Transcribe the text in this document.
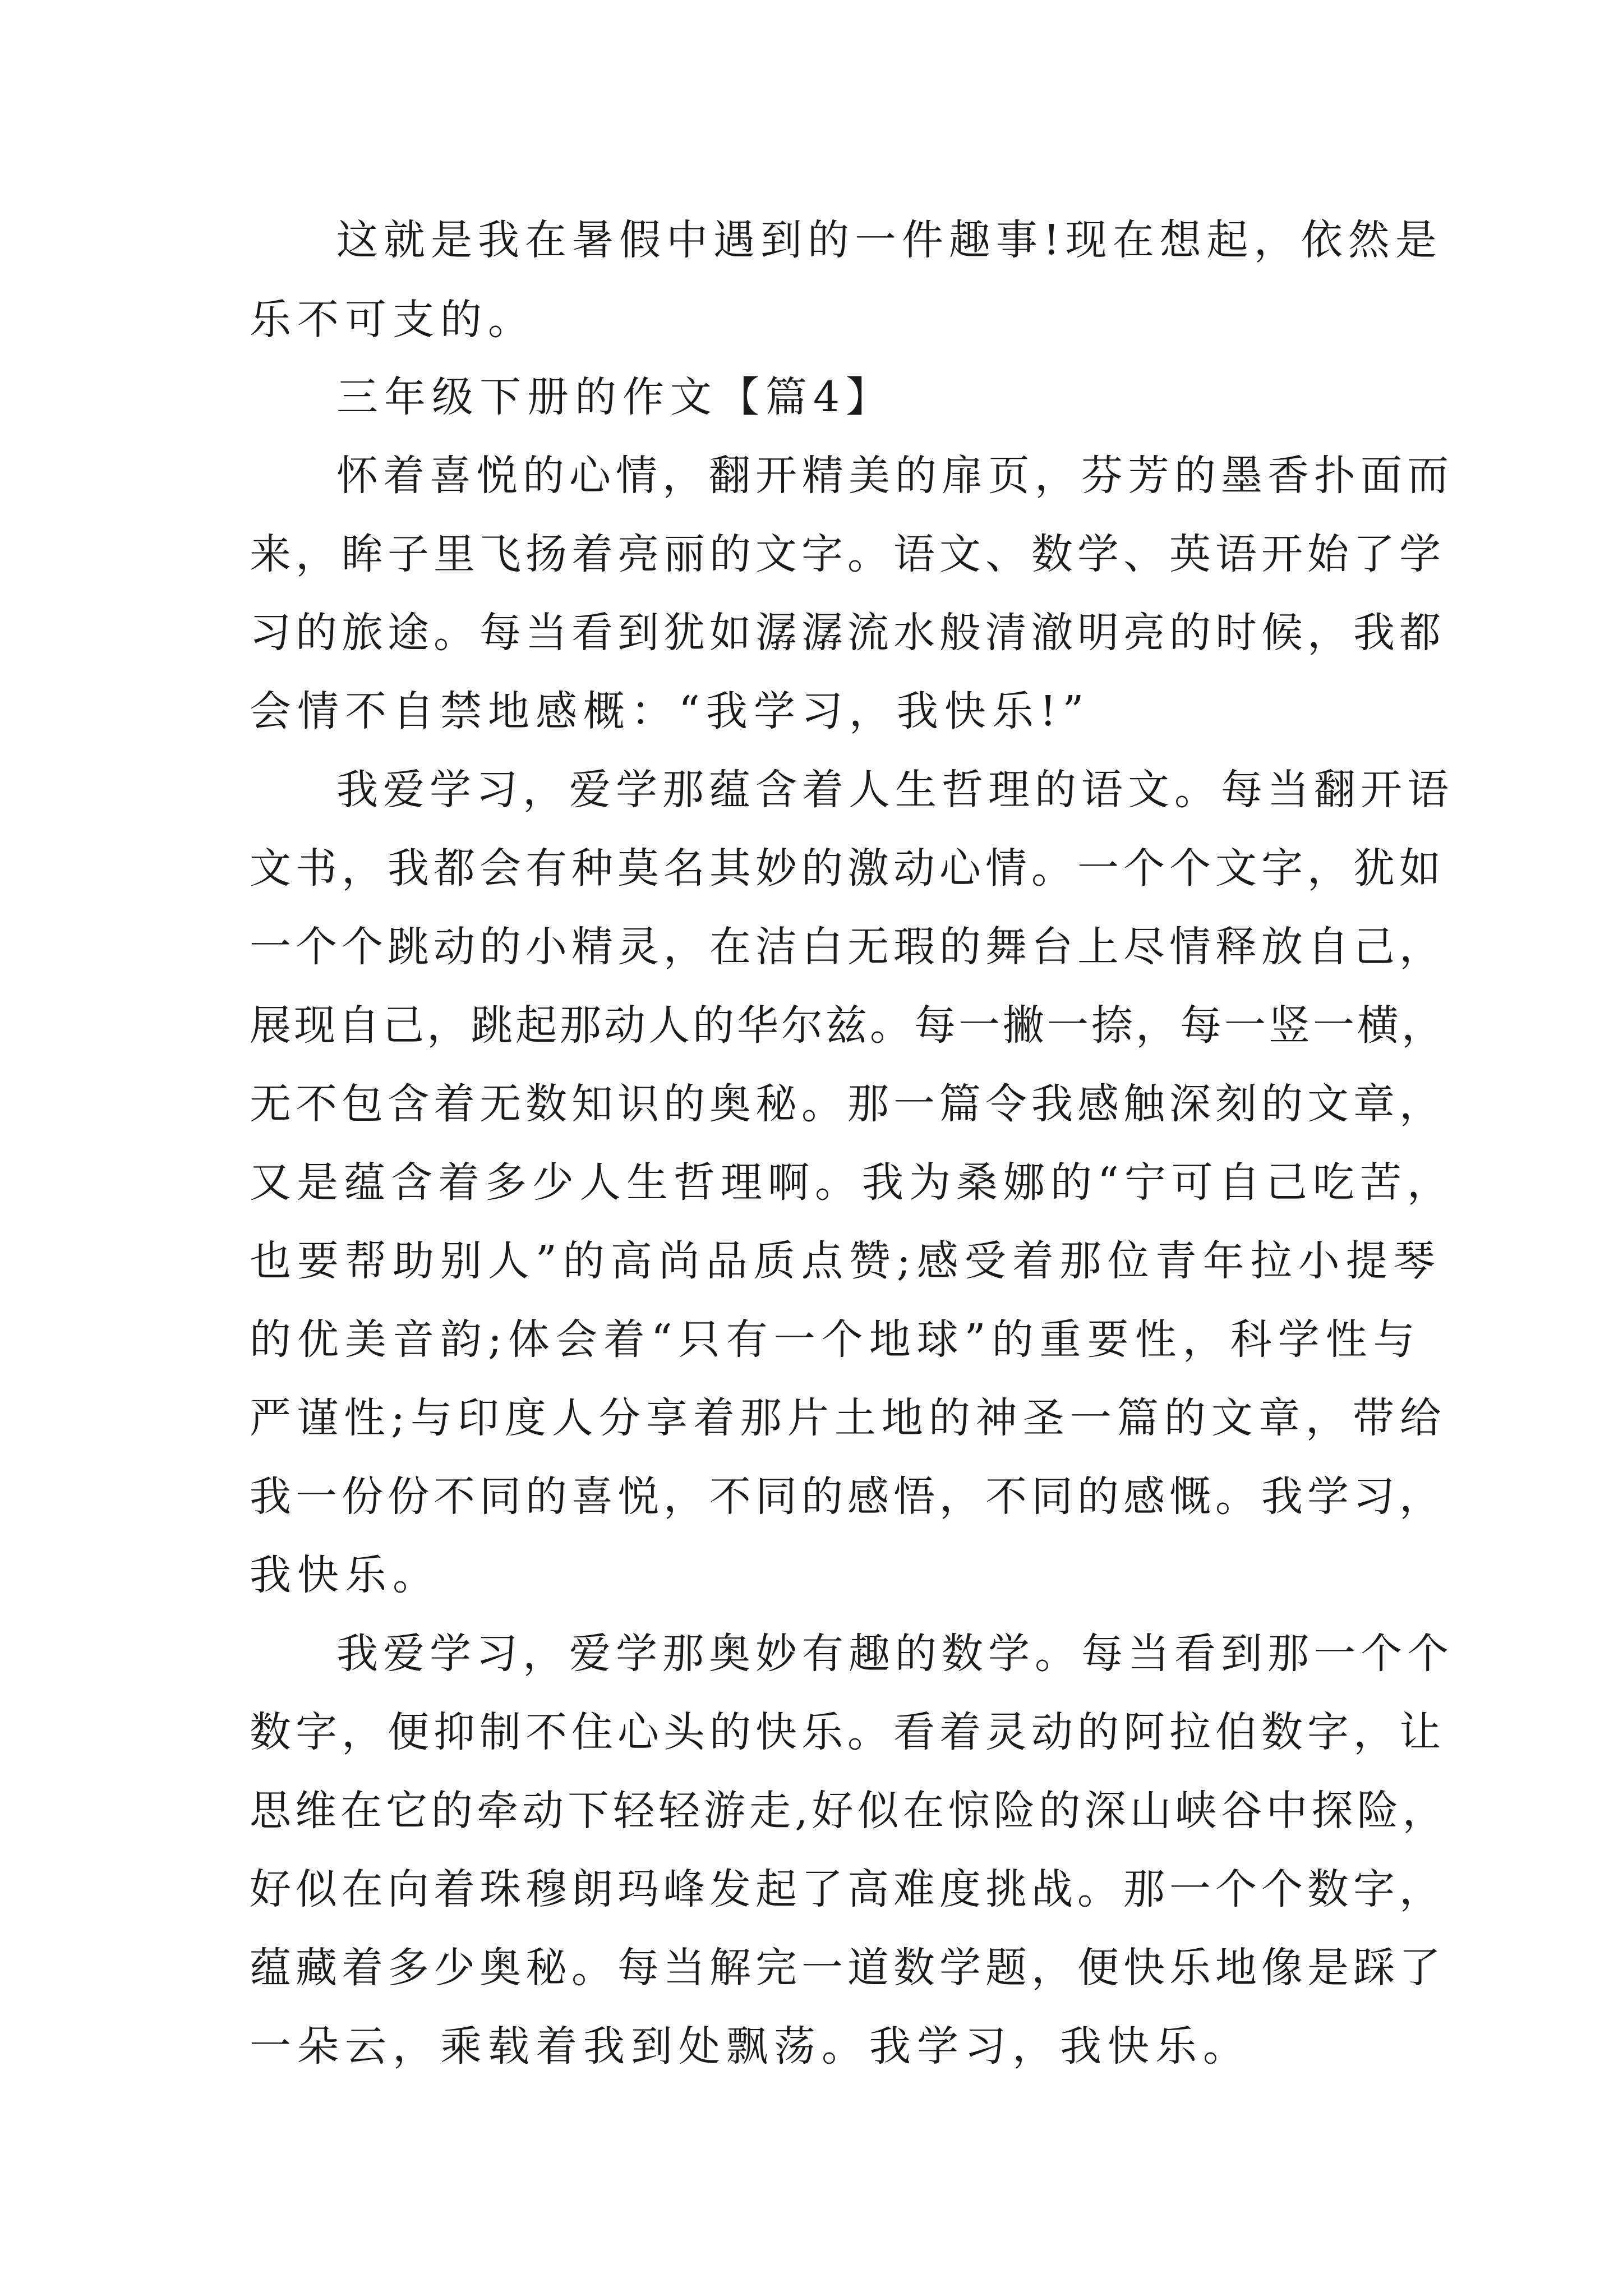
这就是我在暑假中遇到的一件趣事!现在想起，依然是

乐不可支的。

三年级下册的作文【篇4】

怀着喜悦的心情，翻开精美的扉页，芬芳的墨香扑面而

来，眸子里飞扬着亮丽的文字。语文、数学、英语开始了学

习的旅途。每当看到犹如潺潺流水般清澈明亮的时候，我都

会情不自禁地感概：“我学习，我快乐!”

我爱学习，爱学那蕴含着人生哲理的语文。每当翻开语

文书，我都会有种莫名其妙的激动心情。一个个文字，犹如

一个个跳动的小精灵，在洁白无瑕的舞台上尽情释放自己，

展现自己，跳起那动人的华尔兹。每一撇一捺，每一竖一横，

无不包含着无数知识的奥秘。那一篇令我感触深刻的文章，

又是蕴含着多少人生哲理啊。我为桑娜的“宁可自己吃苦，

也要帮助别人”的高尚品质点赞;感受着那位青年拉小提琴

的优美音韵;体会着“只有一个地球”的重要性，科学性与

严谨性;与印度人分享着那片土地的神圣一篇的文章，带给

我一份份不同的喜悦，不同的感悟，不同的感慨。我学习，

我快乐。

我爱学习，爱学那奥妙有趣的数学。每当看到那一个个

数字，便抑制不住心头的快乐。看着灵动的阿拉伯数字，让

思维在它的牵动下轻轻游走,好似在惊险的深山峡谷中探险，

好似在向着珠穆朗玛峰发起了高难度挑战。那一个个数字，

蕴藏着多少奥秘。每当解完一道数学题，便快乐地像是踩了

一朵云，乘载着我到处飘荡。我学习，我快乐。
